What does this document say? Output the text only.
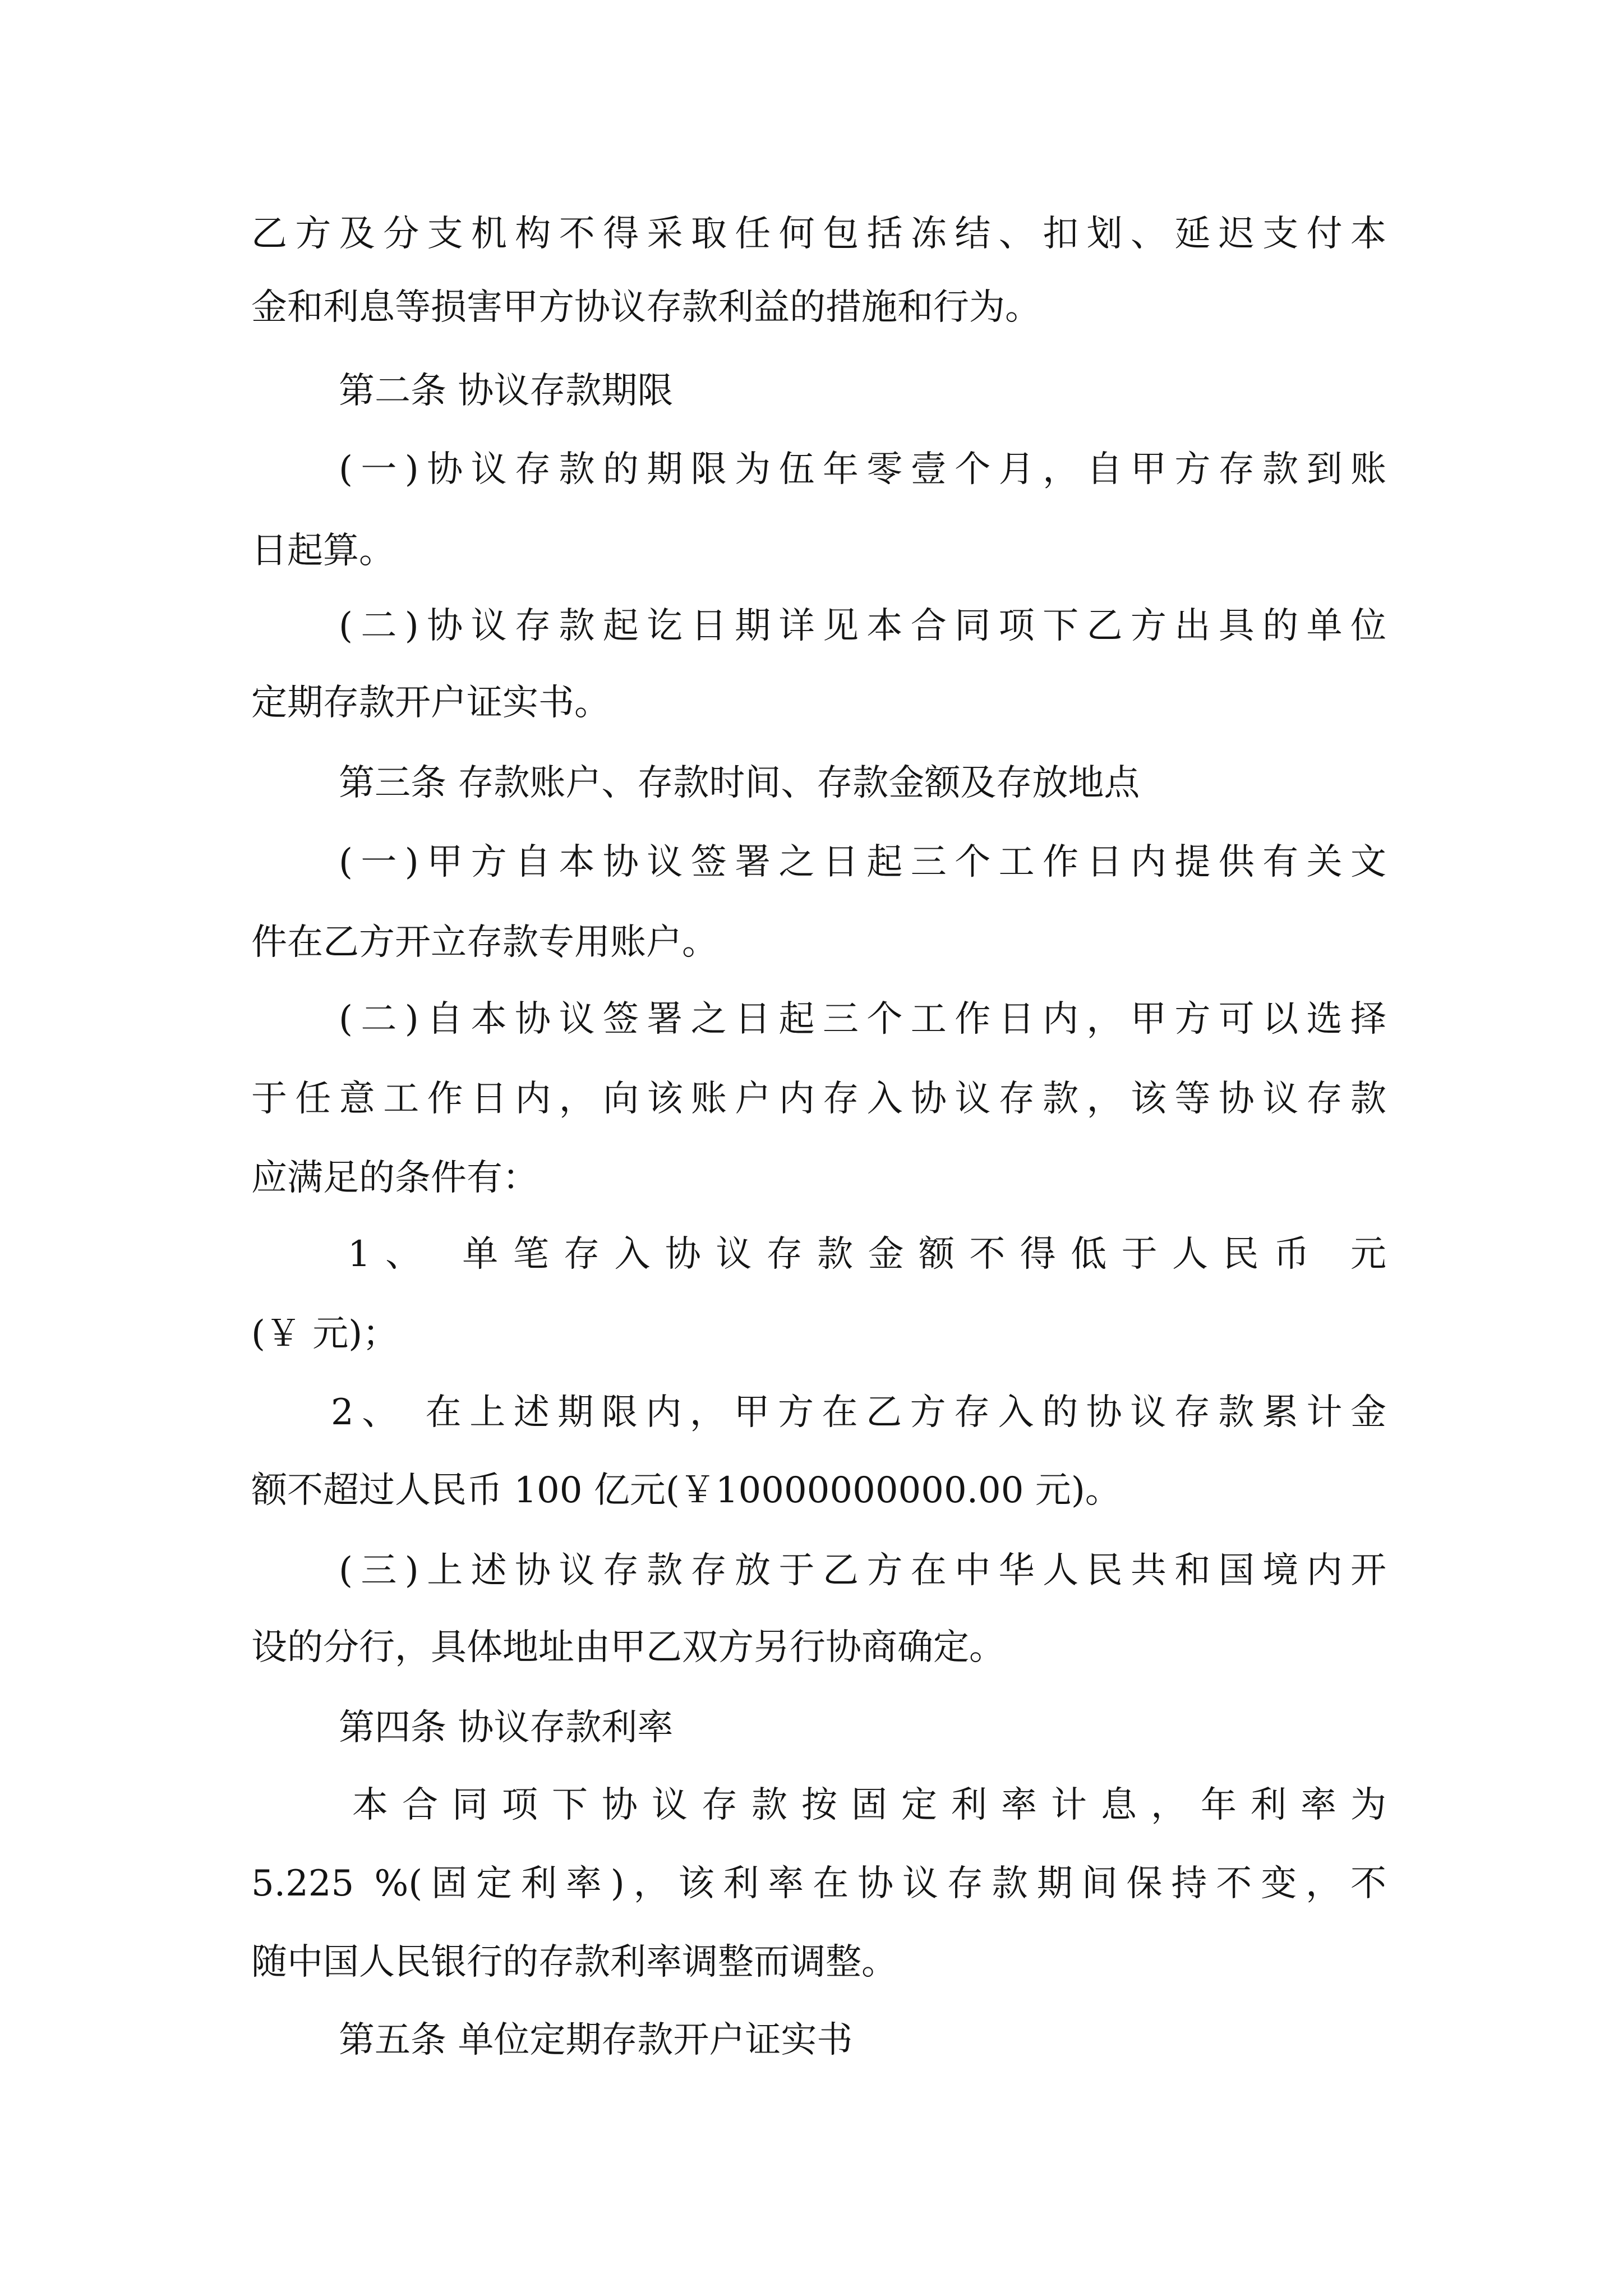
乙方及分支机构不得采取任何包括冻结、扣划、延迟支付本
金和利息等损害甲方协议存款利益的措施和行为。
第二条 协议存款期限
(一)协议存款的期限为伍年零壹个月，自甲方存款到账
日起算。
(二)协议存款起讫日期详见本合同项下乙方出具的单位
定期存款开户证实书。
第三条 存款账户、存款时间、存款金额及存放地点
(一)甲方自本协议签署之日起三个工作日内提供有关文
件在乙方开立存款专用账户。
(二)自本协议签署之日起三个工作日内，甲方可以选择
于任意工作日内，向该账户内存入协议存款，该等协议存款
应满足的条件有：
1、 单笔存入协议存款金额不得低于人民币 元
(￥ 元)；
2、 在上述期限内，甲方在乙方存入的协议存款累计金
额不超过人民币 100 亿元(￥10000000000.00 元)。
(三)上述协议存款存放于乙方在中华人民共和国境内开
设的分行，具体地址由甲乙双方另行协商确定。
第四条 协议存款利率
本合同项下协议存款按固定利率计息，年利率为
5.225 %(固定利率)，该利率在协议存款期间保持不变，不
随中国人民银行的存款利率调整而调整。
第五条 单位定期存款开户证实书
